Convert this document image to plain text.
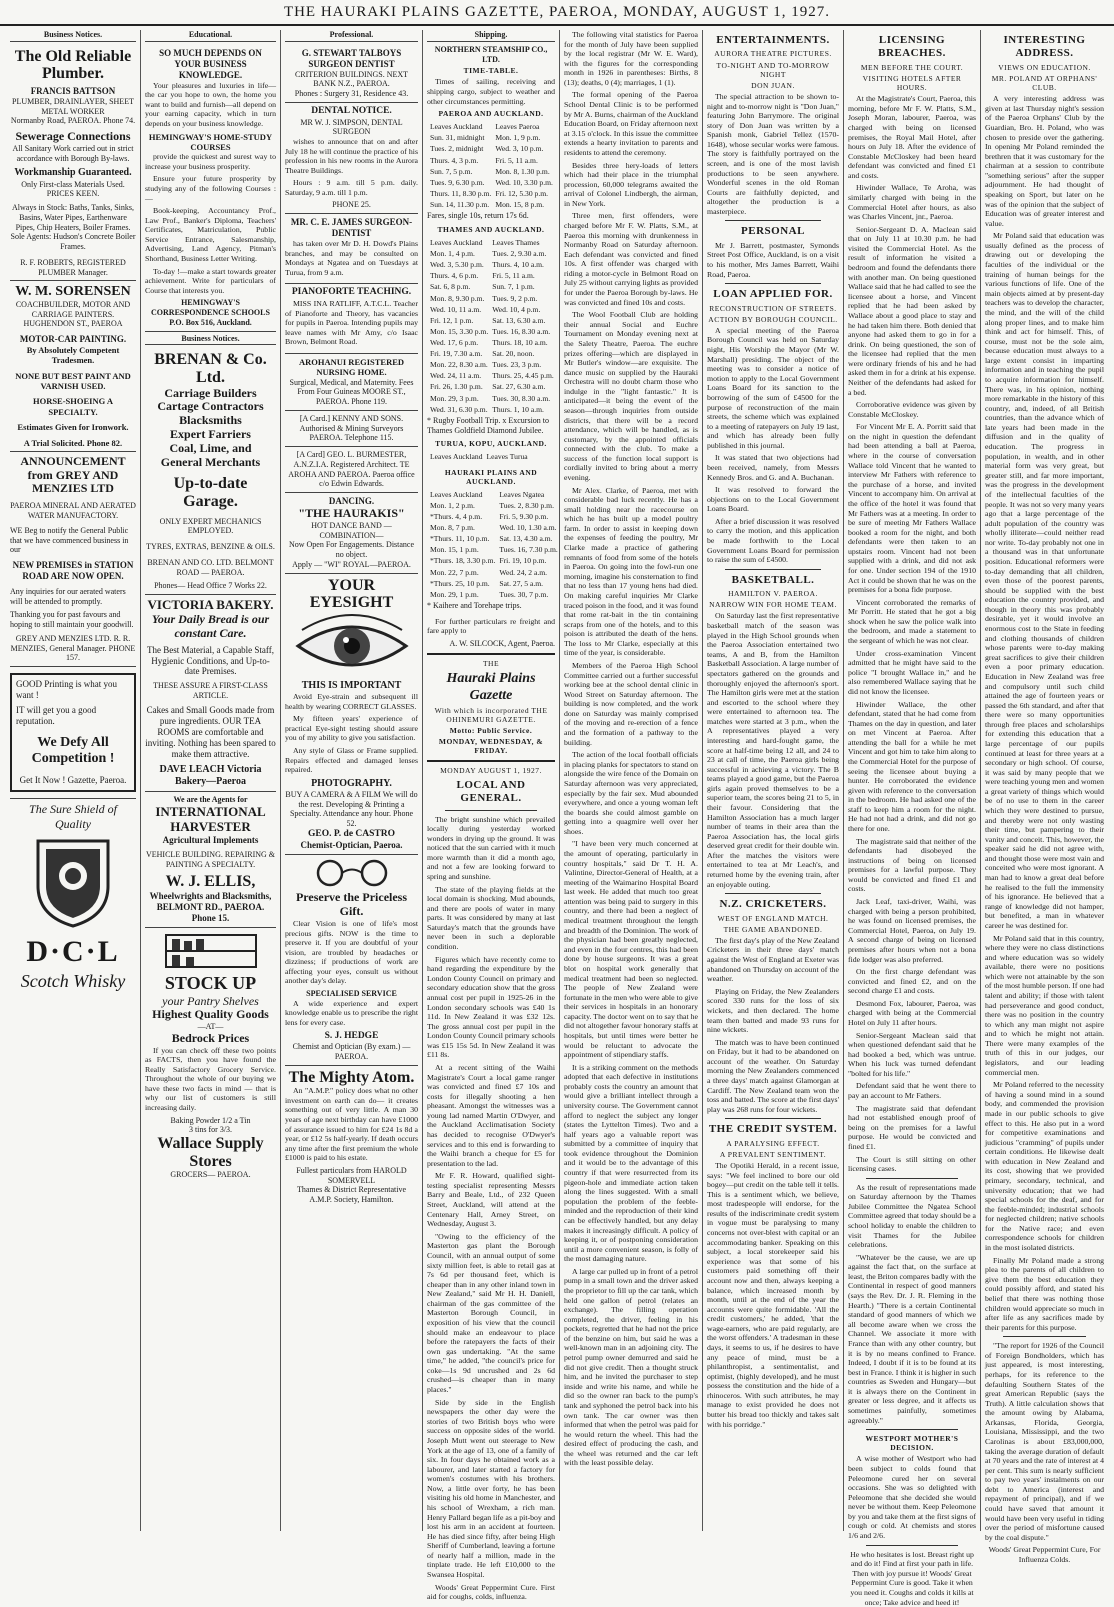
THE HAURAKI PLAINS GAZETTE, PAEROA, MONDAY, AUGUST 1, 1927.
Business Notices.
The Old Reliable Plumber.
FRANCIS BATTSON
PLUMBER, DRAINLAYER, SHEET METAL WORKER
Normanby Road, PAEROA. Phone 74.
Sewerage Connections
All Sanitary Work carried out in strict accordance with Borough By-laws.
Workmanship Guaranteed.
Only First-class Materials Used. PRICES KEEN.
Always in Stock: Baths, Tanks, Sinks, Basins, Water Pipes, Earthenware Pipes, Chip Heaters, Boiler Frames. Sole Agents: Hudson's Concrete Boiler Frames.
R. F. ROBERTS, REGISTERED PLUMBER Manager.
W. M. SORENSEN
COACHBUILDER, MOTOR AND CARRIAGE PAINTERS. HUGHENDON ST., PAEROA
MOTOR-CAR PAINTING.
By Absolutely Competent Tradesmen.
NONE BUT BEST PAINT AND VARNISH USED.
HORSE-SHOEING A SPECIALTY.
Estimates Given for Ironwork.
A Trial Solicited. Phone 82.
ANNOUNCEMENT from GREY AND MENZIES LTD
PAEROA MINERAL AND AERATED WATER MANUFACTORY.
WE Beg to notify the General Public that we have commenced business in our
NEW PREMISES in STATION ROAD ARE NOW OPEN.
Any inquiries for our aerated waters will be attended to promptly.
Thanking you for past favours and hoping to still maintain your goodwill.
GREY AND MENZIES LTD. R. R. MENZIES, General Manager. PHONE 157.
GOOD Printing is what you want !
IT will get you a good reputation.
We Defy All Competition !
Get It Now ! Gazette, Paeroa.
The Sure Shield of Quality
D·C·L
Scotch Whisky
Educational.
SO MUCH DEPENDS ON YOUR BUSINESS KNOWLEDGE.

Your pleasures and luxuries in life—the car you hope to own, the home you want to build and furnish—all depend on your earning capacity, which in turn depends on your business knowledge.

HEMINGWAY'S HOME-STUDY COURSES

provide the quickest and surest way to increase your business prosperity.

Ensure your future prosperity by studying any of the following Courses :—

Book-keeping, Accountancy Prof., Law Prof., Banker's Diploma, Teachers' Certificates, Matriculation, Public Service Entrance, Salesmanship, Advertising, Land Agency, Pitman's Shorthand, Business Letter Writing.

To-day !—make a start towards greater achievement. Write for particulars of Course that interests you.

HEMINGWAY'S CORRESPONDENCE SCHOOLS P.O. Box 516, Auckland.
Business Notices.
BRENAN & Co. Ltd.
Carriage Builders
Cartage Contractors
Blacksmiths
Expert Farriers
Coal, Lime, and
General Merchants
Up-to-date Garage.
ONLY EXPERT MECHANICS EMPLOYED.
TYRES, EXTRAS, BENZINE & OILS.
BRENAN AND CO. LTD. BELMONT ROAD — PAEROA.
Phones— Head Office 7 Works 22.
VICTORIA BAKERY.
Your Daily Bread is our constant Care.
The Best Material, a Capable Staff, Hygienic Conditions, and Up-to-date Premises.
THESE ASSURE A FIRST-CLASS ARTICLE.
Cakes and Small Goods made from pure ingredients. OUR TEA ROOMS are comfortable and inviting. Nothing has been spared to make them attractive.
DAVE LEACH Victoria Bakery—Paeroa
We are the Agents for
INTERNATIONAL HARVESTER
Agricultural Implements
VEHICLE BUILDING. REPAIRING & PAINTING A SPECIALTY.
W. J. ELLIS,
Wheelwrights and Blacksmiths,
BELMONT RD., PAEROA. Phone 15.
STOCK UP
your Pantry Shelves
Highest Quality Goods
—AT—
Bedrock Prices

If you can check off these two points as FACTS, then you have found the Really Satisfactory Grocery Service. Throughout the whole of our buying we have these two facts in mind — that is why our list of customers is still increasing daily.

Baking Powder 1/2 a Tin
3 tins for 3/3.
Wallace Supply Stores
GROCERS— PAEROA.
Professional.
G. STEWART TALBOYS SURGEON DENTIST
CRITERION BUILDINGS. NEXT BANK N.Z., PAEROA.
Phones : Surgery 31, Residence 43.
DENTAL NOTICE.
MR W. J. SIMPSON, DENTAL SURGEON

wishes to announce that on and after July 18 he will continue the practice of his profession in his new rooms in the Aurora Theatre Buildings.

Hours : 9 a.m. till 5 p.m. daily. Saturday, 9 a.m. till 1 p.m.

PHONE 25.
MR. C. E. JAMES SURGEON-DENTIST

has taken over Mr D. H. Dowd's Plains branches, and may be consulted on Mondays at Ngatea and on Tuesdays at Turua, from 9 a.m.

PIANOFORTE TEACHING.

MISS INA RATLIFF, A.T.C.L. Teacher of Pianoforte and Theory, has vacancies for pupils in Paeroa. Intending pupils may leave names with Mr Amy, c/o Isaac Brown, Belmont Road.

AROHANUI REGISTERED NURSING HOME.
Surgical, Medical, and Maternity. Fees From Four Guineas MOORE ST., PAEROA. Phone 119.
[A Card.] KENNY AND SONS. Authorised & Mining Surveyors PAEROA. Telephone 115.
[A Card] GEO. L. BURMESTER, A.N.Z.I.A. Registered Architect. TE AROHA AND PAEROA. Paeroa office c/o Edwin Edwards.
DANCING.
"THE HAURAKIS"
HOT DANCE BAND —COMBINATION—
Now Open For Engagements. Distance no object.
Apply — "WI" ROYAL—PAEROA.
YOUR EYESIGHT
THIS IS IMPORTANT

Avoid Eye-strain and subsequent ill health by wearing CORRECT GLASSES.

My fifteen years' experience of practical Eye-sight testing should assure you of my ability to give you satisfaction.

Any style of Glass or Frame supplied. Repairs effected and damaged lenses repaired.

PHOTOGRAPHY.
BUY A CAMERA & A FILM We will do the rest. Developing & Printing a Specialty. Attendance any hour. Phone 52.
GEO. P. de CASTRO
Chemist-Optician, Paeroa.
Preserve the Priceless Gift.

Clear Vision is one of life's most precious gifts. NOW is the time to preserve it. If you are doubtful of your vision, are troubled by headaches or dizziness; if productions of work are affecting your eyes, consult us without another day's delay.

SPECIALISED SERVICE

A wide experience and expert knowledge enable us to prescribe the right lens for every case.

S. J. HEDGE
Chemist and Optician (By exam.) — PAEROA.
The Mighty Atom.

An "A.M.P." policy does what no other investment on earth can do— it creates something out of very little. A man 30 years of age next birthday can have £1000 of assurance issued to him for £24 1s 8d a year, or £12 5s half-yearly. If death occurs any time after the first premium the whole £1000 is paid to his estate.

Fullest particulars from HAROLD SOMERVELL
Thames & District Representative A.M.P. Society, Hamilton.
Shipping.
NORTHERN STEAMSHIP CO., LTD.
TIME-TABLE.

Times of sailing, receiving and shipping cargo, subject to weather and other circumstances permitting.

PAEROA AND AUCKLAND.
Leaves Auckland	Leaves Paeroa
Sun. 31, midnight	Mon. 1, 9 p.m.
Tues. 2, midnight	Wed. 3, 10 p.m.
Thurs. 4, 3 p.m.	Fri. 5, 11 a.m.
Sun. 7, 5 p.m.	Mon. 8, 1.30 p.m.
Tues. 9, 6.30 p.m.	Wed. 10, 3.30 p.m.
Thurs. 11, 8.30 p.m.	Fri. 12, 5.30 p.m.
Sun. 14, 11.30 p.m.	Mon. 15, 8 p.m.
Fares, single 10s, return 17s 6d.
THAMES AND AUCKLAND.
Leaves Auckland	Leaves Thames
Mon. 1, 4 p.m.	Tues. 2, 9.30 a.m.
Wed. 3, 5.30 p.m.	Thurs. 4, 10 a.m.
Thurs. 4, 6 p.m.	Fri. 5, 11 a.m.
Sat. 6, 8 p.m.	Sun. 7, 1 p.m.
Mon. 8, 9.30 p.m.	Tues. 9, 2 p.m.
Wed. 10, 11 a.m.	Wed. 10, 4 p.m.
Fri. 12, 1 p.m.	Sat. 13, 6.30 a.m.
Mon. 15, 3.30 p.m.	Tues. 16, 8.30 a.m.
Wed. 17, 6 p.m.	Thurs. 18, 10 a.m.
Fri. 19, 7.30 a.m.	Sat. 20, noon.
Mon. 22, 8.30 a.m.	Tues. 23, 3 p.m.
Wed. 24, 11 a.m.	Thurs. 25, 4.45 p.m.
Fri. 26, 1.30 p.m.	Sat. 27, 6.30 a.m.
Mon. 29, 3 p.m.	Tues. 30, 8.30 a.m.
Wed. 31, 6.30 p.m.	Thurs. 1, 10 a.m.
* Rugby Football Trip. x Excursion to Thames Goldfield Diamond Jubilee.
TURUA, KOPU, AUCKLAND.
Leaves Auckland	Leaves Turua
HAURAKI PLAINS AND AUCKLAND.
Leaves Auckland	Leaves Ngatea
Mon. 1, 2 p.m.	Tues. 2, 8.30 p.m.
*Thurs. 4, 4 p.m.	Fri. 5, 9.30 p.m.
Mon. 8, 7 p.m.	Wed. 10, 1.30 a.m.
*Thurs. 11, 10 p.m.	Sat. 13, 4.30 a.m.
Mon. 15, 1 p.m.	Tues. 16, 7.30 p.m.
*Thurs. 18, 3.30 p.m.	Fri. 19, 10 p.m.
Mon. 22, 7 p.m.	Wed. 24, 2 a.m.
*Thurs. 25, 10 p.m.	Sat. 27, 5 a.m.
Mon. 29, 1 p.m.	Tues. 30, 7 p.m.
* Kaihere and Torehape trips.

For further particulars re freight and fare apply to

A. W. SILCOCK, Agent, Paeroa.
THE
Hauraki Plains Gazette
With which is incorporated THE OHINEMURI GAZETTE.
Motto: Public Service.
MONDAY, WEDNESDAY, & FRIDAY.
MONDAY AUGUST 1, 1927.
LOCAL AND GENERAL.

The bright sunshine which prevailed locally during yesterday worked wonders in drying up the ground. It was noticed that the sun carried with it much more warmth than it did a month ago, and not a few are looking forward to spring and sunshine.

The state of the playing fields at the local domain is shocking. Mud abounds, and there are pools of water in many parts. It was considered by many at last Saturday's match that the grounds have never been in such a deplorable condition.

Figures which have recently come to hand regarding the expenditure by the London County Council on primary and secondary education show that the gross annual cost per pupil in 1925-26 in the London secondary schools was £40 1s 11d. In New Zealand it was £32 12s. The gross annual cost per pupil in the London County Council primary schools was £15 15s 5d. In New Zealand it was £11 8s.

At a recent sitting of the Waihi Magistrate's Court a local game ranger was convicted and fined £7 10s and costs for illegally shooting a hen pheasant. Amongst the witnesses was a young lad named Martin O'Dwyer, and the Auckland Acclimatisation Society has decided to recognise O'Dwyer's services and to this end is forwarding to the Waihi branch a cheque for £5 for presentation to the lad.

Mr F. R. Howard, qualified sight-testing specialist representing Messrs Barry and Beale, Ltd., of 232 Queen Street, Auckland, will attend at the Centenary Hall, Arney Street, on Wednesday, August 3.

"Owing to the efficiency of the Masterton gas plant the Borough Council, with an annual output of some sixty million feet, is able to retail gas at 7s 6d per thousand feet, which is cheaper than in any other inland town in New Zealand," said Mr H. H. Daniell, chairman of the gas committee of the Masterton Borough Council, in exposition of his view that the council should make an endeavour to place before the ratepayers the facts of their own gas undertaking. "At the same time," he added, "the council's price for coke—1s 9d uncrushed and 2s 6d crushed—is cheaper than in many places."

Side by side in the English newspapers the other day were the stories of two British boys who were success on opposite sides of the world. Joseph Mutt went out steerage to New York at the age of 13, one of a family of six. In four days he obtained work as a labourer, and later started a factory for women's costumes with his brothers. Now, a little over forty, he has been visiting his old home in Manchester, and his school of Wrexham, a rich man. Henry Pallard began life as a pit-boy and lost his arm in an accident at fourteen. He has died since fifty, after being High Sheriff of Cumberland, leaving a fortune of nearly half a million, made in the tinplate trade. He left £10,000 to the Swansea Hospital.

Woods' Great Peppermint Cure. First aid for coughs, colds, influenza.

The following vital statistics for Paeroa for the month of July have been supplied by the local registrar (Mr W. E. Ward), with the figures for the corresponding month in 1926 in parentheses: Births, 8 (13); deaths, 0 (4); marriages, 1 (1).

The formal opening of the Paeroa School Dental Clinic is to be performed by Mr A. Burns, chairman of the Auckland Education Board, on Friday afternoon next at 3.15 o'clock. In this issue the committee extends a hearty invitation to parents and residents to attend the ceremony.

Besides three hery-loads of letters which had their place in the triumphal procession, 60,000 telegrams awaited the arrival of Colonel Lindbergh, the airman, in New York.

Three men, first offenders, were charged before Mr F. W. Platts, S.M., at Paeroa this morning with drunkenness in Normanby Road on Saturday afternoon. Each defendant was convicted and fined 10s. A first offender was charged with riding a motor-cycle in Belmont Road on July 25 without carrying lights as provided for under the Paeroa Borough by-laws. He was convicted and fined 10s and costs.

The Wool Football Club are holding their annual Social and Euchre Tournament on Monday evening next at the Salety Theatre, Paeroa. The euchre prizes offering—which are displayed in Mr Butler's window—are exquisite. The dance music on supplied by the Hauraki Orchestra will no doubt charm those who indulge in the "light fantastic." It is anticipated—it being the event of the season—through inquiries from outside districts, that there will be a record attendance, which will be handled, as is customary, by the appointed officials connected with the club. To make a success of the function local support is cordially invited to bring about a merry evening.

Mr Alex. Clarke, of Paeroa, met with considerable bad luck recently. He has a small holding near the racecourse on which he has built up a model poultry farm. In order to assist in keeping down the expenses of feeding the poultry, Mr Clarke made a practice of gathering remnants of food from some of the hotels in Paeroa. On going into the fowl-run one morning, imagine his consternation to find that no less than 17 young hens had died. On making careful inquiries Mr Clarke traced poison in the food, and it was found that rome rat-bait in the tin containing scraps from one of the hotels, and to this poison is attributed the death of the hens. The loss to Mr Clarke, especially at this time of the year, is considerable.

Members of the Paeroa High School Committee carried out a further successful working bee at the school dental clinic in Wood Street on Saturday afternoon. The building is now completed, and the work done on Saturday was mainly comprised of the moving and re-erection of a fence and the formation of a pathway to the building.

The action of the local football officials in placing planks for spectators to stand on alongside the wire fence of the Domain on Saturday afternoon was very appreciated, especially by the fair sex. Mud abounded everywhere, and once a young woman left the boards she could almost gamble on getting into a quagmire well over her shoes.

"I have been very much concerned at the amount of operating, particularly in country hospitals," said Dr T. H. A. Valintine, Director-General of Health, at a meeting of the Waimarino Hospital Board last week. He added that much too great attention was being paid to surgery in this country, and there had been a neglect of medical treatment throughout the length and breadth of the Dominion. The work of the physician had been greatly neglected, and even in the four centres, this had been done by house surgeons. It was a great blot on hospital work generally that medical treatment had been so neglected. The people of New Zealand were fortunate in the men who were able to give their services in hospitals in an honorary capacity. The doctor went on to say that he did not altogether favour honorary staffs at hospitals, but until times were better he would be reluctant to advocate the appointment of stipendiary staffs.

It is a striking comment on the methods adopted that each defective in institutions probably costs the country an amount that would give a brilliant intellect through a university course. The Government cannot afford to neglect the subject any longer (states the Lyttelton Times). Two and a half years ago a valuable report was submitted by a committee of inquiry that took evidence throughout the Dominion and it would be to the advantage of this country if that were resurrected from its pigeon-hole and immediate action taken along the lines suggested. With a small population the problem of the feeble-minded and the reproduction of their kind can be effectively handled, but any delay makes it increasingly difficult. A policy of keeping it, or of postponing consideration until a more convenient season, is folly of the most damaging nature.

A large car pulled up in front of a petrol pump in a small town and the driver asked the proprietor to fill up the car tank, which held one gallon of petrol (relates an exchange). The filling operation completed, the driver, feeling in his pockets, regretted that he had not the price of the benzine on him, but said he was a well-known man in an adjoining city. The petrol pump owner demurred and said he did not give credit. Then a thought struck him, and he invited the purchaser to step inside and write his name, and while he did so the owner ran back to the pump's tank and syphoned the petrol back into his own tank. The car owner was then informed that when the petrol was paid for he would return the wheel. This had the desired effect of producing the cash, and the wheel was returned and the car left with the least possible delay.

ENTERTAINMENTS.
AURORA THEATRE PICTURES.
TO-NIGHT AND TO-MORROW NIGHT
DON JUAN.

The special attraction to be shown to-night and to-morrow night is "Don Juan," featuring John Barrymore. The original story of Don Juan was written by a Spanish monk, Gabriel Tellez (1570-1648), whose secular works were famous. The story is faithfully portrayed on the screen, and is one of the most lavish productions to be seen anywhere. Wonderful scenes in the old Roman Courts are faithfully depicted, and altogether the production is a masterpiece.

PERSONAL

Mr J. Barrett, postmaster, Symonds Street Post Office, Auckland, is on a visit to his mother, Mrs James Barrett, Waihi Road, Paeroa.

LOAN APPLIED FOR.
RECONSTRUCTION OF STREETS.
ACTION BY BOROUGH COUNCIL.

A special meeting of the Paeroa Borough Council was held on Saturday night, His Worship the Mayor (Mr W. Marshall) presiding. The object of the meeting was to consider a notice of motion to apply to the Local Government Loans Board for its sanction to the borrowing of the sum of £4500 for the purpose of reconstruction of the main streets, the scheme which was explained to a meeting of ratepayers on July 19 last, and which has already been fully published in this journal.

It was stated that two objections had been received, namely, from Messrs Kennedy Bros. and G. and A. Buchanan.

It was resolved to forward the objections on to the Local Government Loans Board.

After a brief discussion it was resolved to carry the motion, and this application be made forthwith to the Local Government Loans Board for permission to raise the sum of £4500.

BASKETBALL.
HAMILTON V. PAEROA.
NARROW WIN FOR HOME TEAM.

On Saturday last the first representative basketball match of the season was played in the High School grounds when the Paeroa Association entertained two teams, A and B, from the Hamilton Basketball Association. A large number of spectators gathered on the grounds and thoroughly enjoyed the afternoon's sport. The Hamilton girls were met at the station and escorted to the school where they were entertained to afternoon tea. The matches were started at 3 p.m., when the A representatives played a very interesting and hard-fought game, the score at half-time being 12 all, and 24 to 23 at call of time, the Paeroa girls being successful in achieving a victory. The B teams played a good game, but the Paeroa girls again proved themselves to be a superior team, the scores being 21 to 5, in their favour. Considering that the Hamilton Association has a much larger number of teams in their area than the Paeroa Association has, the local girls deserved great credit for their double win. After the matches the visitors were entertained to tea at Mr Leach's, and returned home by the evening train, after an enjoyable outing.

N.Z. CRICKETERS.
WEST OF ENGLAND MATCH.
THE GAME ABANDONED.

The first day's play of the New Zealand Cricketers in their three days' match against the West of England at Exeter was abandoned on Thursday on account of the weather.

Playing on Friday, the New Zealanders scored 330 runs for the loss of six wickets, and then declared. The home team then batted and made 93 runs for nine wickets.

The match was to have been continued on Friday, but it had to be abandoned on account of the weather. On Saturday morning the New Zealanders commenced a three days' match against Glamorgan at Cardiff. The New Zealand team won the toss and batted. The score at the first days' play was 268 runs for four wickets.

THE CREDIT SYSTEM.
A PARALYSING EFFECT.
A PREVALENT SENTIMENT.

The Opotiki Herald, in a recent issue, says: "We feel inclined to bore our old bogey—put credit on the table tell it tells. This is a sentiment which, we believe, most tradespeople will endorse, for the results of the indiscriminate credit system in vogue must be paralysing to many concerns not over-blest with capital or an accommodating banker. Speaking on this subject, a local storekeeper said his experience was that some of his customers paid something off their account now and then, always keeping a balance, which increased month by month, until at the end of the year the accounts were quite formidable. 'All the credit customers,' he added, 'that the wage-earners, who are paid regularly, are the worst offenders.' A tradesman in these days, it seems to us, if he desires to have any peace of mind, must be a philanthropist, a sentimentalist, and optimist, (highly developed), and he must possess the constitution and the hide of a rhinoceros. With such attributes, he may manage to exist provided he does not butter his bread too thickly and takes salt with his porridge."

LICENSING BREACHES.
MEN BEFORE THE COURT.
VISITING HOTELS AFTER HOURS.

At the Magistrate's Court, Paeroa, this morning, before Mr F. W. Platts, S.M., Joseph Moran, labourer, Paeroa, was charged with being on licensed premises, the Royal Mail Hotel, after hours on July 18. After the evidence of Constable McCloskey had been heard defendant was convicted and fined £1 and costs.

Hiwinder Wallace, Te Aroha, was similarly charged with being in the Commercial Hotel after hours, as also was Charles Vincent, jnr., Paeroa.

Senior-Sergeant D. A. Maclean said that on July 11 at 10.30 p.m. he had visited the Commercial Hotel. As the result of information he visited a bedroom and found the defendants there with another man. On being questioned Wallace said that he had called to see the licensee about a horse, and Vincent replied that he had been asked by Wallace about a good place to stay and he had taken him there. Both denied that anyone had asked them to go in for a drink. On being questioned, the son of the licensee had replied that the men were ordinary friends of his and he had asked them in for a drink at his expense. Neither of the defendants had asked for a bed.

Corroborative evidence was given by Constable McCloskey.

For Vincent Mr E. A. Porritt said that on the night in question the defendant had been attending a ball at Paeroa, where in the course of conversation Wallace told Vincent that he wanted to interview Mr Fathers with reference to the purchase of a horse, and invited Vincent to accompany him. On arrival at the office of the hotel it was found that Mr Fathers was at a meeting. In order to be sure of meeting Mr Fathers Wallace booked a room for the night, and both defendants were then taken to an upstairs room. Vincent had not been supplied with a drink, and did not ask for one. Under section 194 of the 1910 Act it could be shown that he was on the premises for a bona fide purpose.

Vincent corroborated the remarks of Mr Porritt. He stated that he got a big shock when he saw the police walk into the bedroom, and made a statement to the sergeant of which he was not clear.

Under cross-examination Vincent admitted that he might have said to the police "I brought Wallace in," and he also remembered Wallace saying that he did not know the licensee.

Hiwinder Wallace, the other defendant, stated that he had come from Thames on the day in question, and later on met Vincent at Paeroa. After attending the ball for a while he met Vincent and got him to take him along to the Commercial Hotel for the purpose of seeing the licensee about buying a hunter. He corroborated the evidence given with reference to the conversation in the bedroom. He had asked one of the staff to keep him a room for the night. He had not had a drink, and did not go there for one.

The magistrate said that neither of the defendants had disobeyed the instructions of being on licensed premises for a lawful purpose. They would be convicted and fined £1 and costs.

Jack Leaf, taxi-driver, Waihi, was charged with being a person prohibited, he was found on licensed premises, the Commercial Hotel, Paeroa, on July 19. A second charge of being on licensed premises after hours when not a bona fide lodger was also preferred.

On the first charge defendant was convicted and fined £2, and on the second charge £1 and costs.

Desmond Fox, labourer, Paeroa, was charged with being at the Commercial Hotel on July 11 after hours.

Senior-Sergeant Maclean said that when questioned defendant said that he had booked a bed, which was untrue. When his luck was turned defendant "bolted for his life."

Defendant said that he went there to pay an account to Mr Fathers.

The magistrate said that defendant had not established enough proof of being on the premises for a lawful purpose. He would be convicted and fined £1.

The Court is still sitting on other licensing cases.

As the result of representations made on Saturday afternoon by the Thames Jubilee Committee the Ngatea School Committee agreed that today should be a school holiday to enable the children to visit Thames for the Jubilee celebrations.

"Whatever be the cause, we are up against the fact that, on the surface at least, the Briton compares badly with the Continental in respect of good manners (says the Rev. Dr. J. R. Fleming in the Hearth.) "There is a certain Continental standard of good manners of which we all become aware when we cross the Channel. We associate it more with France than with any other country, but it is by no means confined to France. Indeed, I doubt if it is to be found at its best in France. I think it is higher in such countries as Sweden and Hungary—but it is always there on the Continent in greater or less degree, and it affects us sometimes painfully, sometimes agreeably."

WESTPORT MOTHER'S DECISION.

A wise mother of Westport who had been subject to colds found that Peleomone cured her on several occasions. She was so delighted with Peleomone that she decided she would never be without them. Keep Peleomone by you and take them at the first signs of cough or cold. At chemists and stores 1/6 and 2/6.

He who hesitates is lost. Breast right up and do it! Find at first your path in life. Then with joy pursue it! Woods' Great Peppermint Cure is good. Take it when you need it. Coughs and colds it kills at once; Take advice and heed it!

INTERESTING ADDRESS.
VIEWS ON EDUCATION.
MR. POLAND AT ORPHANS' CLUB.

A very interesting address was given at last Thursday night's session of the Paeroa Orphans' Club by the Guardian, Bro. H. Poland, who was chosen to preside over the gathering. In opening Mr Poland reminded the brethren that it was customary for the chairman at a session to contribute "something serious" after the supper adjournment. He had thought of speaking on Sport, but later on he was of the opinion that the subject of Education was of greater interest and value.

Mr Poland said that education was usually defined as the process of drawing out or developing the faculties of the individual or the training of human beings for the various functions of life. One of the main objects aimed at by present-day teachers was to develop the character, the mind, and the will of the child along proper lines, and to make him think and act for himself. This, of course, must not be the sole aim, because education must always to a large extent consist in imparting information and in teaching the pupil to acquire information for himself. There was, in his opinion, nothing more remarkable in the history of this country, and, indeed, of all British countries, than the advance which of late years had been made in the diffusion and in the quality of education. The progress in population, in wealth, and in other material form was very great, but greater still, and far more important, was the progress in the development of the intellectual faculties of the people. It was not so very many years ago that a large percentage of the adult population of the country was wholly illiterate—could neither read nor write. To-day probably not one in a thousand was in that unfortunate position. Educational reformers were to-day demanding that all children, even those of the poorest parents, should be supplied with the best education the country provided, and though in theory this was probably desirable, yet it would involve an enormous cost to the State in feeding and clothing thousands of children whose parents were to-day making great sacrifices to give their children even a poor primary education. Education in New Zealand was free and compulsory until such child attained the age of fourteen years or passed the 6th standard, and after that there were so many opportunities through free places and scholarships for extending this education that a large percentage of our pupils continued at least for three years at a secondary or high school. Of course, it was said by many people that we were teaching young men and women a great variety of things which would be of no use to them in the career which they were destined to pursue, and thereby were not only wasting their time, but pampering to their vanity and conceit. This, however, the speaker said he did not agree with, and thought those were most vain and conceited who were most ignorant. A man had to know a great deal before he realised to the full the immensity of his ignorance. He believed that a range of knowledge did not hamper, but benefited, a man in whatever career he was destined for.

Mr Poland said that in this country, where they were no class distinctions and where education was so widely available, there were no positions which were not attainable by the son of the most humble person. If one had talent and ability; if those with talent had perseverance and good conduct, there was no position in the country to which any man might not aspire and to which he might not attain. There were many examples of the truth of this in our judges, our legislators, and our leading commercial men.

Mr Poland referred to the necessity of having a sound mind in a sound body, and commended the provision made in our public schools to give effect to this. He also put in a word for competitive examinations and judicious "cramming" of pupils under certain conditions. He likewise dealt with education in New Zealand and its cost, showing that we provided primary, secondary, technical, and university education; that we had special schools for the deaf, and for the feeble-minded; industrial schools for neglected children; native schools for the Native race; and even correspondence schools for children in the most isolated districts.

Finally Mr Poland made a strong plea to the parents of all children to give them the best education they could possibly afford, and stated his belief that there was nothing those children would appreciate so much in after life as any sacrifices made by their parents for this purpose.

"The report for 1926 of the Council of Foreign Bondholders, which has just appeared, is most interesting, perhaps, for its reference to the defaulting Southern States of the great American Republic (says the Truth). A little calculation shows that the amount owing by Alabama, Arkansas, Florida, Georgia, Louisiana, Mississippi, and the two Carolinas is about £83,000,000, taking the average duration of default at 70 years and the rate of interest at 4 per cent. This sum is nearly sufficient to pay two years' instalments on our debt to America (interest and repayment of principal), and if we could have saved that amount it would have been very useful in tiding over the period of misfortune caused by the coal dispute."

Woods' Great Peppermint Cure, For Influenza Colds.
